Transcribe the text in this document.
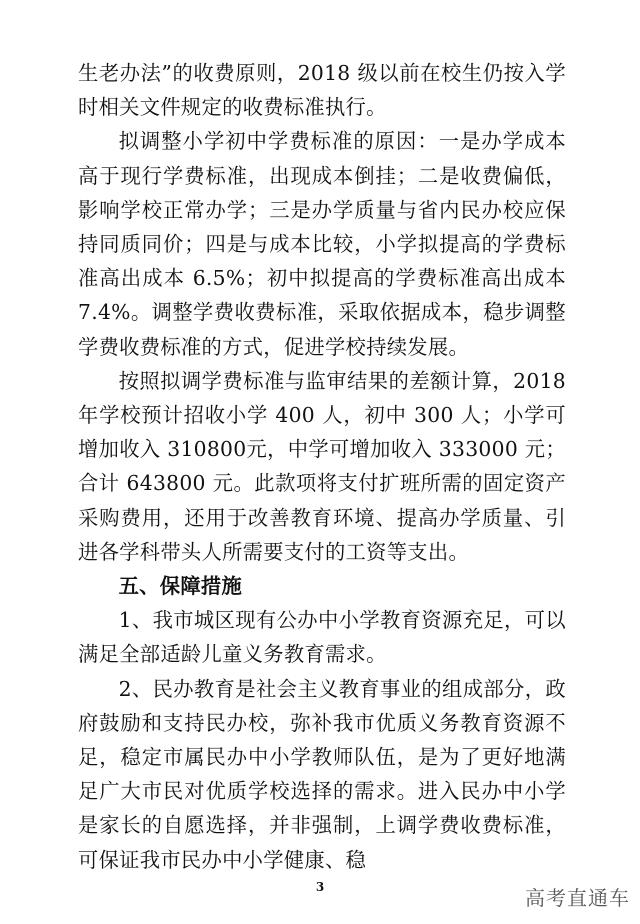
生老办法”的收费原则，2018 级以前在校生仍按入学时相关文件规定的收费标准执行。

拟调整小学初中学费标准的原因：一是办学成本高于现行学费标准，出现成本倒挂；二是收费偏低，影响学校正常办学；三是办学质量与省内民办校应保持同质同价；四是与成本比较，小学拟提高的学费标准高出成本 6.5%；初中拟提高的学费标准高出成本 7.4%。调整学费收费标准，采取依据成本，稳步调整学费收费标准的方式，促进学校持续发展。

按照拟调学费标准与监审结果的差额计算，2018 年学校预计招收小学 400 人，初中 300 人；小学可增加收入 310800元，中学可增加收入 333000 元；合计 643800 元。此款项将支付扩班所需的固定资产采购费用，还用于改善教育环境、提高办学质量、引进各学科带头人所需要支付的工资等支出。

五、保障措施

1、我市城区现有公办中小学教育资源充足，可以满足全部适龄儿童义务教育需求。

2、民办教育是社会主义教育事业的组成部分，政府鼓励和支持民办校，弥补我市优质义务教育资源不足，稳定市属民办中小学教师队伍，是为了更好地满足广大市民对优质学校选择的需求。进入民办中小学是家长的自愿选择，并非强制，上调学费收费标准，可保证我市民办中小学健康、稳

3	高考直通车
